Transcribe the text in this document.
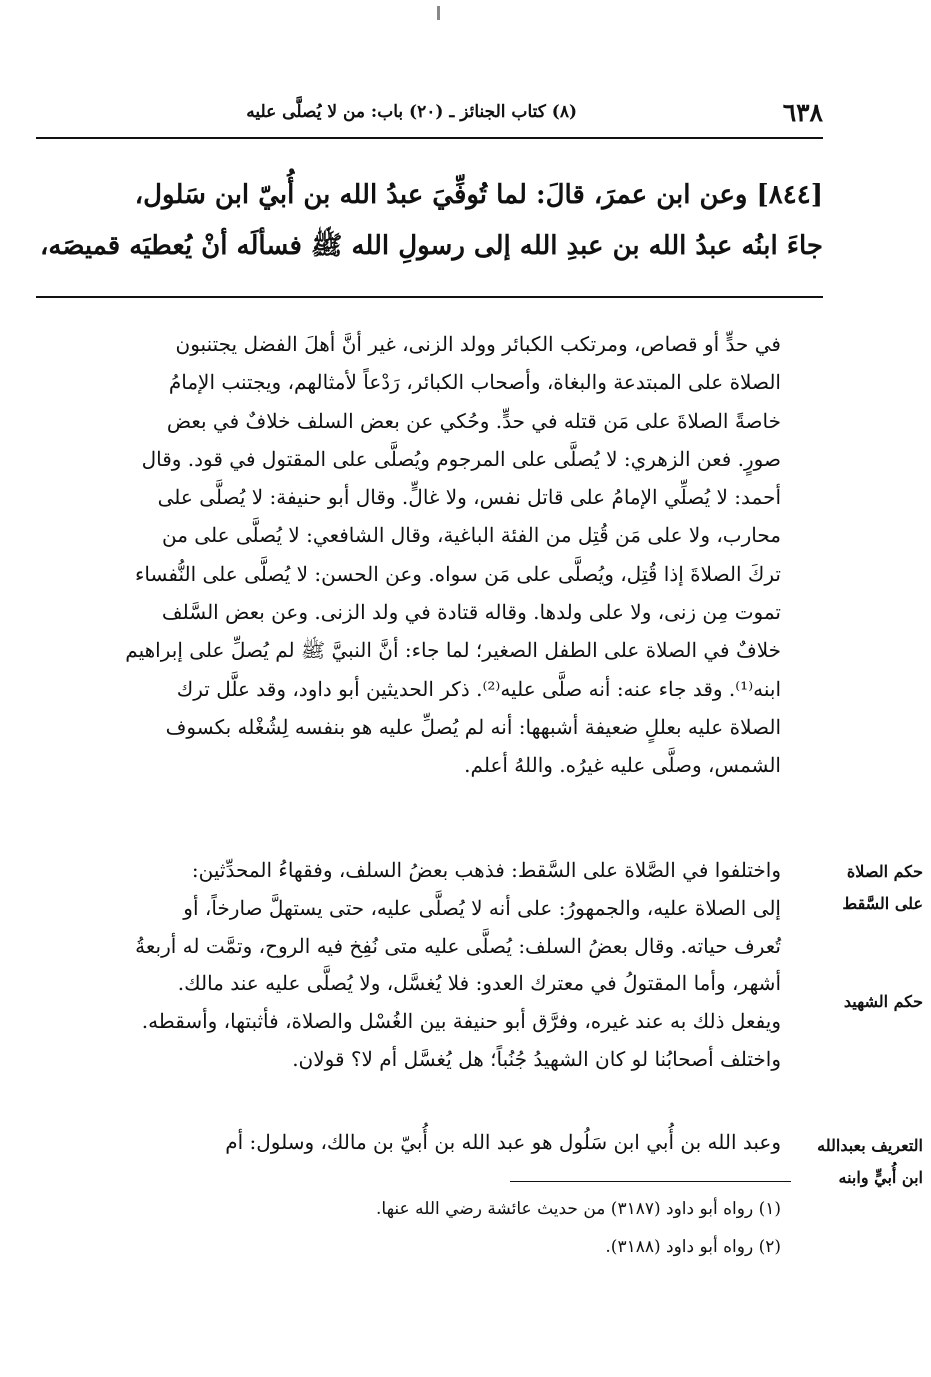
٦٣٨
(٨) كتاب الجنائز ـ (٢٠) باب: من لا يُصلَّى عليه

[٨٤٤] وعن ابن عمرَ، قالَ: لما تُوفِّيَ عبدُ الله بن أُبيّ ابن سَلول،

جاءَ ابنُه عبدُ الله بن عبدِ الله إلى رسولِ الله ﷺ فسألَه أنْ يُعطيَه قميصَه،

في حدٍّ أو قصاص، ومرتكب الكبائر وولد الزنى، غير أنَّ أهلَ الفضل يجتنبون

الصلاة على المبتدعة والبغاة، وأصحاب الكبائر، رَدْعاً لأمثالهم، ويجتنب الإمامُ

خاصةً الصلاةَ على مَن قتله في حدٍّ. وحُكي عن بعض السلف خلافٌ في بعض

صورٍ. فعن الزهري: لا يُصلَّى على المرجوم ويُصلَّى على المقتول في قود. وقال

أحمد: لا يُصلِّي الإمامُ على قاتل نفس، ولا غالٍّ. وقال أبو حنيفة: لا يُصلَّى على

محارب، ولا على مَن قُتِل من الفئة الباغية، وقال الشافعي: لا يُصلَّى على من

تركَ الصلاةَ إذا قُتِل، ويُصلَّى على مَن سواه. وعن الحسن: لا يُصلَّى على النُّفساء

تموت مِن زنى، ولا على ولدها. وقاله قتادة في ولد الزنى. وعن بعض السَّلف

خلافٌ في الصلاة على الطفل الصغير؛ لما جاء: أنَّ النبيَّ ﷺ لم يُصلِّ على إبراهيم

ابنه⁽¹⁾. وقد جاء عنه: أنه صلَّى عليه⁽²⁾. ذكر الحديثين أبو داود، وقد علَّل ترك

الصلاة عليه بعللٍ ضعيفة أشبهها: أنه لم يُصلِّ عليه هو بنفسه لِشُغْله بكسوف

الشمس، وصلَّى عليه غيرُه. واللهُ أعلم.

واختلفوا في الصَّلاة على السَّقط: فذهب بعضُ السلف، وفقهاءُ المحدِّثين:

إلى الصلاة عليه، والجمهورُ: على أنه لا يُصلَّى عليه، حتى يستهلَّ صارخاً، أو

تُعرف حياته. وقال بعضُ السلف: يُصلَّى عليه متى نُفِخ فيه الروح، وتمَّت له أربعةُ

أشهر، وأما المقتولُ في معترك العدو: فلا يُغسَّل، ولا يُصلَّى عليه عند مالك.

ويفعل ذلك به عند غيره، وفرَّق أبو حنيفة بين الغُسْل والصلاة، فأثبتها، وأسقطه.

واختلف أصحابُنا لو كان الشهيدُ جُنُباً؛ هل يُغسَّل أم لا؟ قولان.

وعبد الله بن أُبي ابن سَلُول هو عبد الله بن أُبيّ بن مالك، وسلول: أم

حكم الصلاة
على السَّقط
حكم الشهيد
التعريف بعبدالله
ابن أُبيٍّ وابنه

(١) رواه أبو داود (٣١٨٧) من حديث عائشة رضي الله عنها.

(٢) رواه أبو داود (٣١٨٨).
